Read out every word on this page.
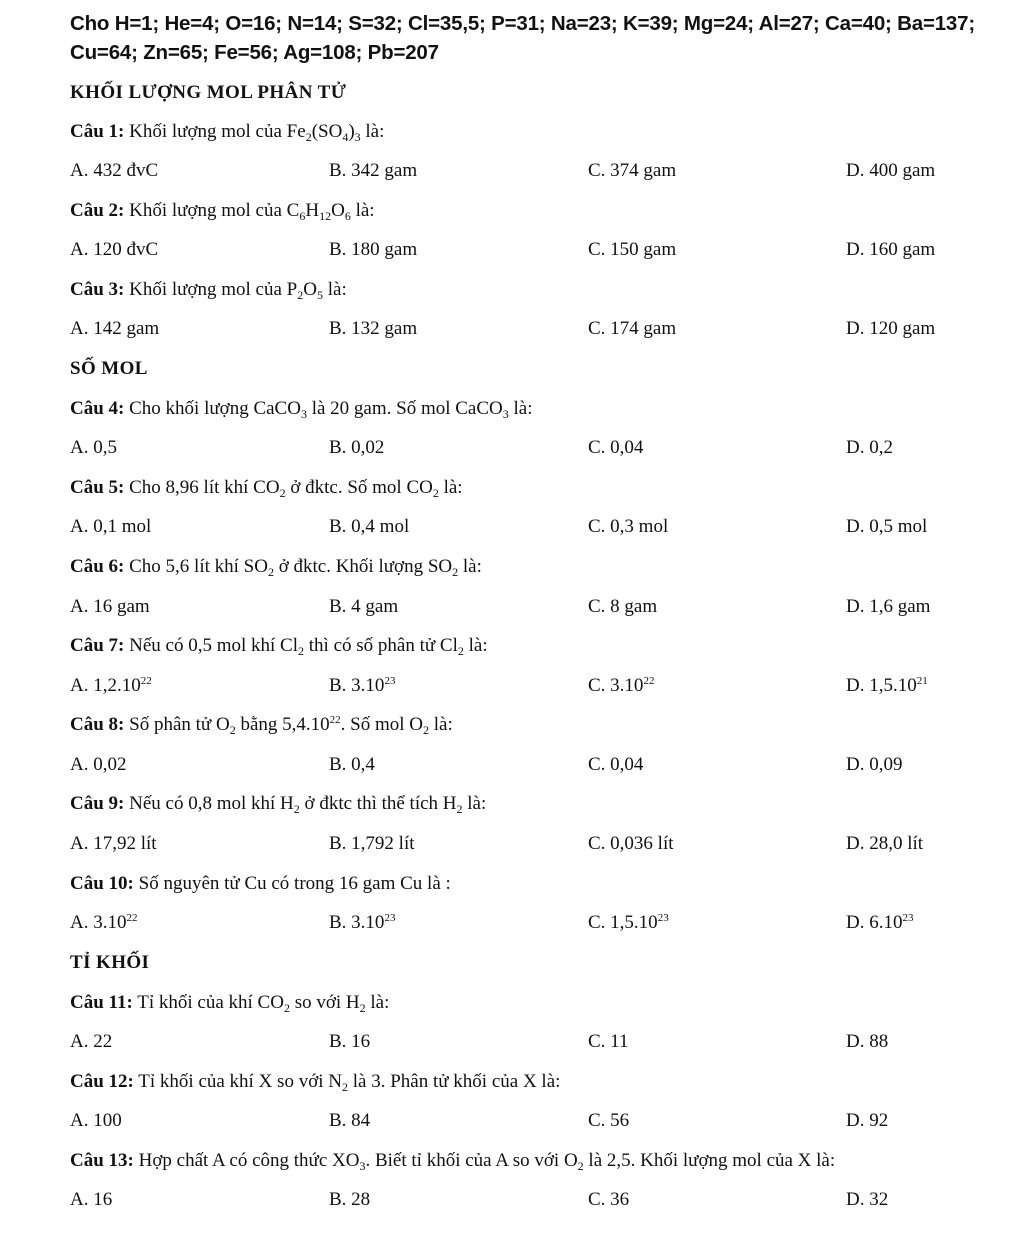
Cho H=1; He=4; O=16; N=14; S=32; Cl=35,5; P=31; Na=23; K=39; Mg=24; Al=27; Ca=40; Ba=137;
Cu=64; Zn=65; Fe=56; Ag=108; Pb=207
KHỐI LƯỢNG MOL PHÂN TỬ
Câu 1: Khối lượng mol của $Fe_2(SO_4)_3$ là:
A. 432 đvC	B. 342 gam	C. 374 gam	D. 400 gam
Câu 2: Khối lượng mol của $C_6H_{12}O_6$ là:
A. 120 đvC	B. 180 gam	C. 150 gam	D. 160 gam
Câu 3: Khối lượng mol của $P_2O_5$ là:
A. 142 gam	B. 132 gam	C. 174 gam	D. 120 gam
SỐ MOL
Câu 4: Cho khối lượng CaCO$_3$ là 20 gam. Số mol CaCO$_3$ là:
A. 0,5	B. 0,02	C. 0,04	D. 0,2
Câu 5: Cho 8,96 lít khí $CO_2$ ở đktc. Số mol $CO_2$ là:
A. 0,1 mol	B. 0,4 mol	C. 0,3 mol	D. 0,5 mol
Câu 6: Cho 5,6 lít khí $SO_2$ ở đktc. Khối lượng $SO_2$ là:
A. 16 gam	B. 4 gam	C. 8 gam	D. 1,6 gam
Câu 7: Nếu có 0,5 mol khí $Cl_2$ thì có số phân tử $Cl_2$ là:
A. 1,2.10$^{22}$	B. 3.10$^{23}$	C. 3.10$^{22}$	D. 1,5.10$^{21}$
Câu 8: Số phân tử $O_2$ bằng 5,4.10$^{22}$. Số mol $O_2$ là:
A. 0,02	B. 0,4	C. 0,04	D. 0,09
Câu 9: Nếu có 0,8 mol khí $H_2$ ở đktc thì thể tích $H_2$ là:
A. 17,92 lít	B. 1,792 lít	C. 0,036 lít	D. 28,0 lít
Câu 10: Số nguyên tử Cu có trong 16 gam Cu là :
A. 3.10$^{22}$	B. 3.10$^{23}$	C. 1,5.10$^{23}$	D. 6.10$^{23}$
TỈ KHỐI
Câu 11: Tỉ khối của khí $CO_2$ so với $H_2$ là:
A. 22	B. 16	C. 11	D. 88
Câu 12: Tỉ khối của khí X so với $N_2$ là 3. Phân tử khối của X là:
A. 100	B. 84	C. 56	D. 92
Câu 13: Hợp chất A có công thức $XO_3$. Biết tỉ khối của A so với $O_2$ là 2,5. Khối lượng mol của X là:
A. 16	B. 28	C. 36	D. 32
